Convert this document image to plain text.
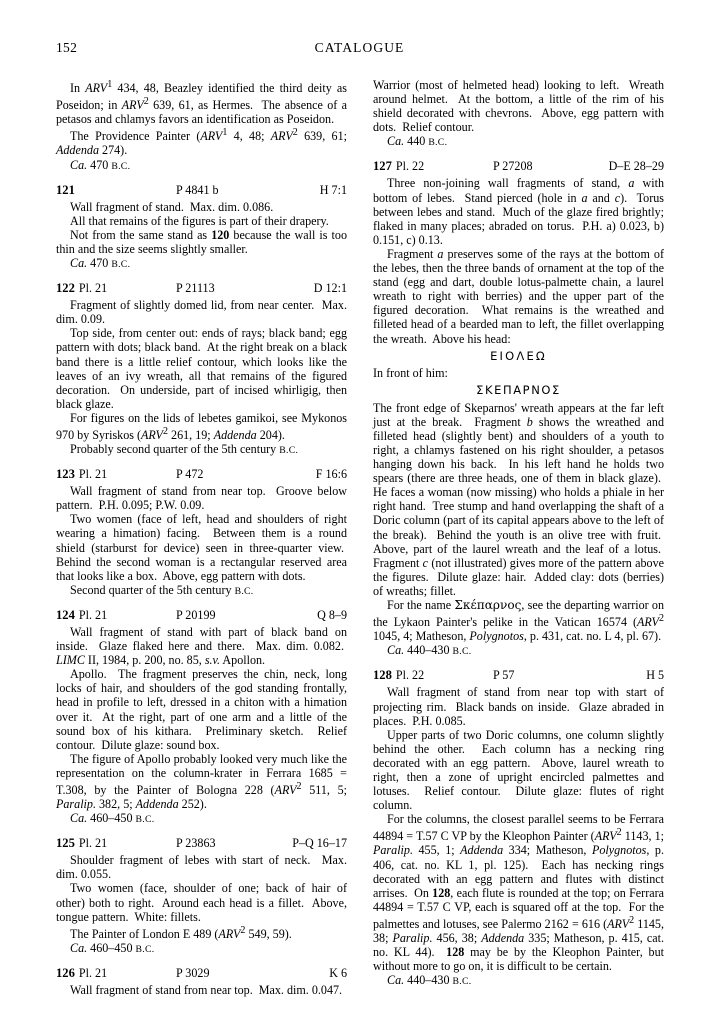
152	CATALOGUE

In ARV$^1$ 434, 48, Beazley identified the third deity as Poseidon; in ARV$^2$ 639, 61, as Hermes.  The absence of a petasos and chlamys favors an identification as Poseidon.

The Providence Painter (ARV$^1$ 4, 48; ARV$^2$ 639, 61; Addenda 274).

Ca. 470 B.C.

121	P 4841 b	H 7:1

Wall fragment of stand.  Max. dim. 0.086.

All that remains of the figures is part of their drapery.

Not from the same stand as 120 because the wall is too thin and the size seems slightly smaller.

Ca. 470 B.C.

122 Pl. 21	P 21113	D 12:1

Fragment of slightly domed lid, from near center.  Max. dim. 0.09.

Top side, from center out: ends of rays; black band; egg pattern with dots; black band.  At the right break on a black band there is a little relief contour, which looks like the leaves of an ivy wreath, all that remains of the figured decoration.  On underside, part of incised whirligig, then black glaze.

For figures on the lids of lebetes gamikoi, see Mykonos 970 by Syriskos (ARV$^2$ 261, 19; Addenda 204).

Probably second quarter of the 5th century B.C.

123 Pl. 21	P 472	F 16:6

Wall fragment of stand from near top.  Groove below pattern.  P.H. 0.095; P.W. 0.09.

Two women (face of left, head and shoulders of right wearing a himation) facing.  Between them is a round shield (starburst for device) seen in three-quarter view.  Behind the second woman is a rectangular reserved area that looks like a box.  Above, egg pattern with dots.

Second quarter of the 5th century B.C.

124 Pl. 21	P 20199	Q 8–9

Wall fragment of stand with part of black band on inside.  Glaze flaked here and there.  Max. dim. 0.082.  LIMC II, 1984, p. 200, no. 85, s.v. Apollon.

Apollo.  The fragment preserves the chin, neck, long locks of hair, and shoulders of the god standing frontally, head in profile to left, dressed in a chiton with a himation over it.  At the right, part of one arm and a little of the sound box of his kithara.  Preliminary sketch.  Relief contour.  Dilute glaze: sound box.

The figure of Apollo probably looked very much like the representation on the column-krater in Ferrara 1685 = T.308, by the Painter of Bologna 228 (ARV$^2$ 511, 5; Paralip. 382, 5; Addenda 252).

Ca. 460–450 B.C.

125 Pl. 21	P 23863	P–Q 16–17

Shoulder fragment of lebes with start of neck.  Max. dim. 0.055.

Two women (face, shoulder of one; back of hair of other) both to right.  Around each head is a fillet.  Above, tongue pattern.  White: fillets.

The Painter of London E 489 (ARV$^2$ 549, 59).

Ca. 460–450 B.C.

126 Pl. 21	P 3029	K 6

Wall fragment of stand from near top.  Max. dim. 0.047.

Warrior (most of helmeted head) looking to left.  Wreath around helmet.  At the bottom, a little of the rim of his shield decorated with chevrons.  Above, egg pattern with dots.  Relief contour.

Ca. 440 B.C.

127 Pl. 22	P 27208	D–E 28–29

Three non-joining wall fragments of stand, a with bottom of lebes.  Stand pierced (hole in a and c).  Torus between lebes and stand.  Much of the glaze fired brightly; flaked in many places; abraded on torus.  P.H. a) 0.023, b) 0.151, c) 0.13.

Fragment a preserves some of the rays at the bottom of the lebes, then the three bands of ornament at the top of the stand (egg and dart, double lotus-palmette chain, a laurel wreath to right with berries) and the upper part of the figured decoration.  What remains is the wreathed and filleted head of a bearded man to left, the fillet overlapping the wreath.  Above his head:

ΕΙΟΛΕΩ

In front of him:

ΣΚΕΠΑΡΝΟΣ

The front edge of Skeparnos' wreath appears at the far left just at the break.  Fragment b shows the wreathed and filleted head (slightly bent) and shoulders of a youth to right, a chlamys fastened on his right shoulder, a petasos hanging down his back.  In his left hand he holds two spears (there are three heads, one of them in black glaze).  He faces a woman (now missing) who holds a phiale in her right hand.  Tree stump and hand overlapping the shaft of a Doric column (part of its capital appears above to the left of the break).  Behind the youth is an olive tree with fruit.  Above, part of the laurel wreath and the leaf of a lotus.  Fragment c (not illustrated) gives more of the pattern above the figures.  Dilute glaze: hair.  Added clay: dots (berries) of wreaths; fillet.

For the name Σκέπαρνος, see the departing warrior on the Lykaon Painter's pelike in the Vatican 16574 (ARV$^2$ 1045, 4; Matheson, Polygnotos, p. 431, cat. no. L 4, pl. 67).

Ca. 440–430 B.C.

128 Pl. 22	P 57	H 5

Wall fragment of stand from near top with start of projecting rim.  Black bands on inside.  Glaze abraded in places.  P.H. 0.085.

Upper parts of two Doric columns, one column slightly behind the other.  Each column has a necking ring decorated with an egg pattern.  Above, laurel wreath to right, then a zone of upright encircled palmettes and lotuses.  Relief contour.  Dilute glaze: flutes of right column.

For the columns, the closest parallel seems to be Ferrara 44894 = T.57 C VP by the Kleophon Painter (ARV$^2$ 1143, 1; Paralip. 455, 1; Addenda 334; Matheson, Polygnotos, p. 406, cat. no. KL 1, pl. 125).  Each has necking rings decorated with an egg pattern and flutes with distinct arrises.  On 128, each flute is rounded at the top; on Ferrara 44894 = T.57 C VP, each is squared off at the top.  For the palmettes and lotuses, see Palermo 2162 = 616 (ARV$^2$ 1145, 38; Paralip. 456, 38; Addenda 335; Matheson, p. 415, cat. no. KL 44).  128 may be by the Kleophon Painter, but without more to go on, it is difficult to be certain.

Ca. 440–430 B.C.
